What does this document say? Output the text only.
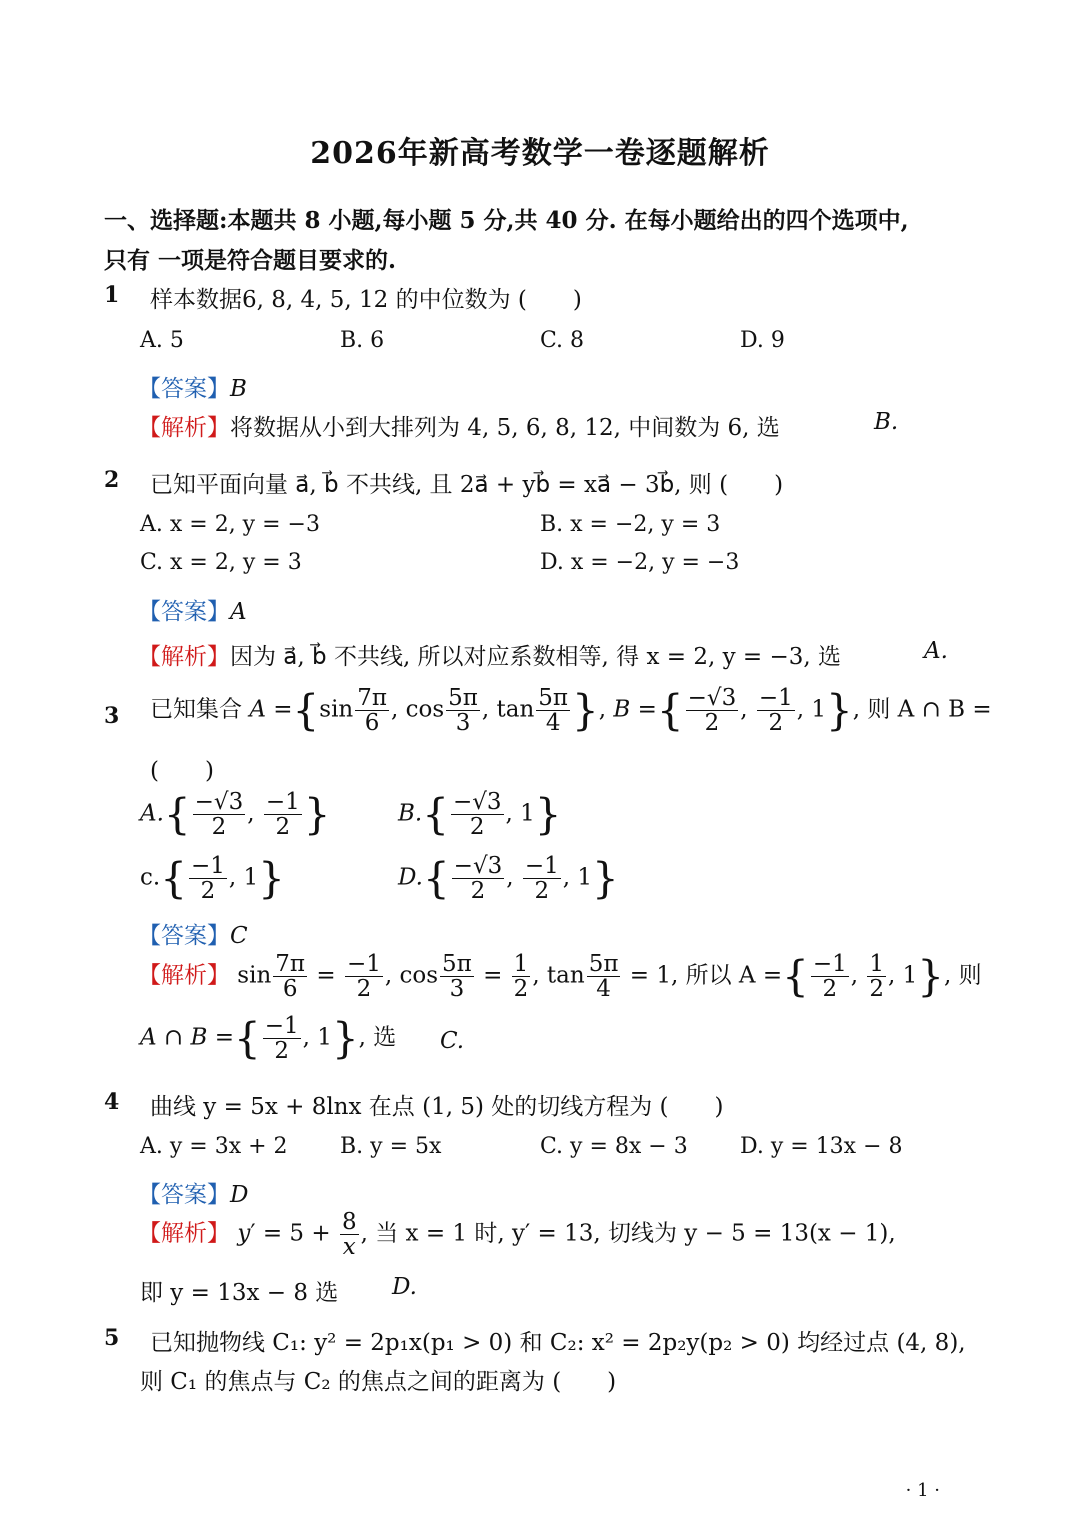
2026年新高考数学一卷逐题解析
一、选择题:本题共 8 小题,每小题 5 分,共 40 分. 在每小题给出的四个选项中,
只有 一项是符合题目要求的.
1 样本数据6, 8, 4, 5, 12 的中位数为 (　　)
A. 5	B. 6	C. 8	D. 9
【答案】B
【解析】将数据从小到大排列为 4, 5, 6, 8, 12, 中间数为 6, 选	B.
2 已知平面向量 a⃗, b⃗ 不共线, 且 2a⃗ + yb⃗ = xa⃗ − 3b⃗, 则 (　　)
A. x = 2, y = −3	B. x = −2, y = 3
C. x = 2, y = 3	D. x = −2, y = −3
【答案】A
【解析】因为 a⃗, b⃗ 不共线, 所以对应系数相等, 得 x = 2, y = −3, 选	A.
3 已知集合 $A =\{\sin \frac{7\pi}{6}$ , $\cos \frac{5\pi}{3}$ , $\tan \frac{5\pi}{4}$ }, B ={ $\frac{-√3}{2}$ , $\frac{-1}{2}$ , 1}, 则 A ∩ B =
(　　)
$A.\{ \frac{-√3}{2}$ , $\frac{-1}{2}$ }	$B.\{ \frac{-√3}{2}$ , 1}
$c.\{ \frac{-1}{2}$ , 1}	$D.\{ \frac{-√3}{2}$ , $\frac{-1}{2}$ , 1}
【答案】C
【解析】 $\sin \frac{7\pi}{6} = \frac{-1}{2}$ , $\cos \frac{5\pi}{3} = \frac{1}{2}$ , $\tan \frac{5\pi}{4} = 1$, 所以 A ={ $\frac{-1}{2}$ , $\frac{1}{2}$ , 1}, 则
A ∩ B ={ $\frac{-1}{2}$ , 1}, 选 C.
4 曲线 y = 5x + 8lnx 在点 (1, 5) 处的切线方程为 (　　)
A. y = 3x + 2 B. y = 5x	C. y = 8x − 3 D. y = 13x − 8
【答案】D
【解析】 $y' = 5 + \frac{8}{x}$ , 当 x = 1 时, y′ = 13, 切线为 y − 5 = 13(x − 1),
即 y = 13x − 8 选 D.
5 已知抛物线 C₁: y² = 2p₁x(p₁ > 0) 和 C₂: x² = 2p₂y(p₂ > 0) 均经过点 (4, 8),
则 C₁ 的焦点与 C₂ 的焦点之间的距离为 (　　)
· 1 ·
